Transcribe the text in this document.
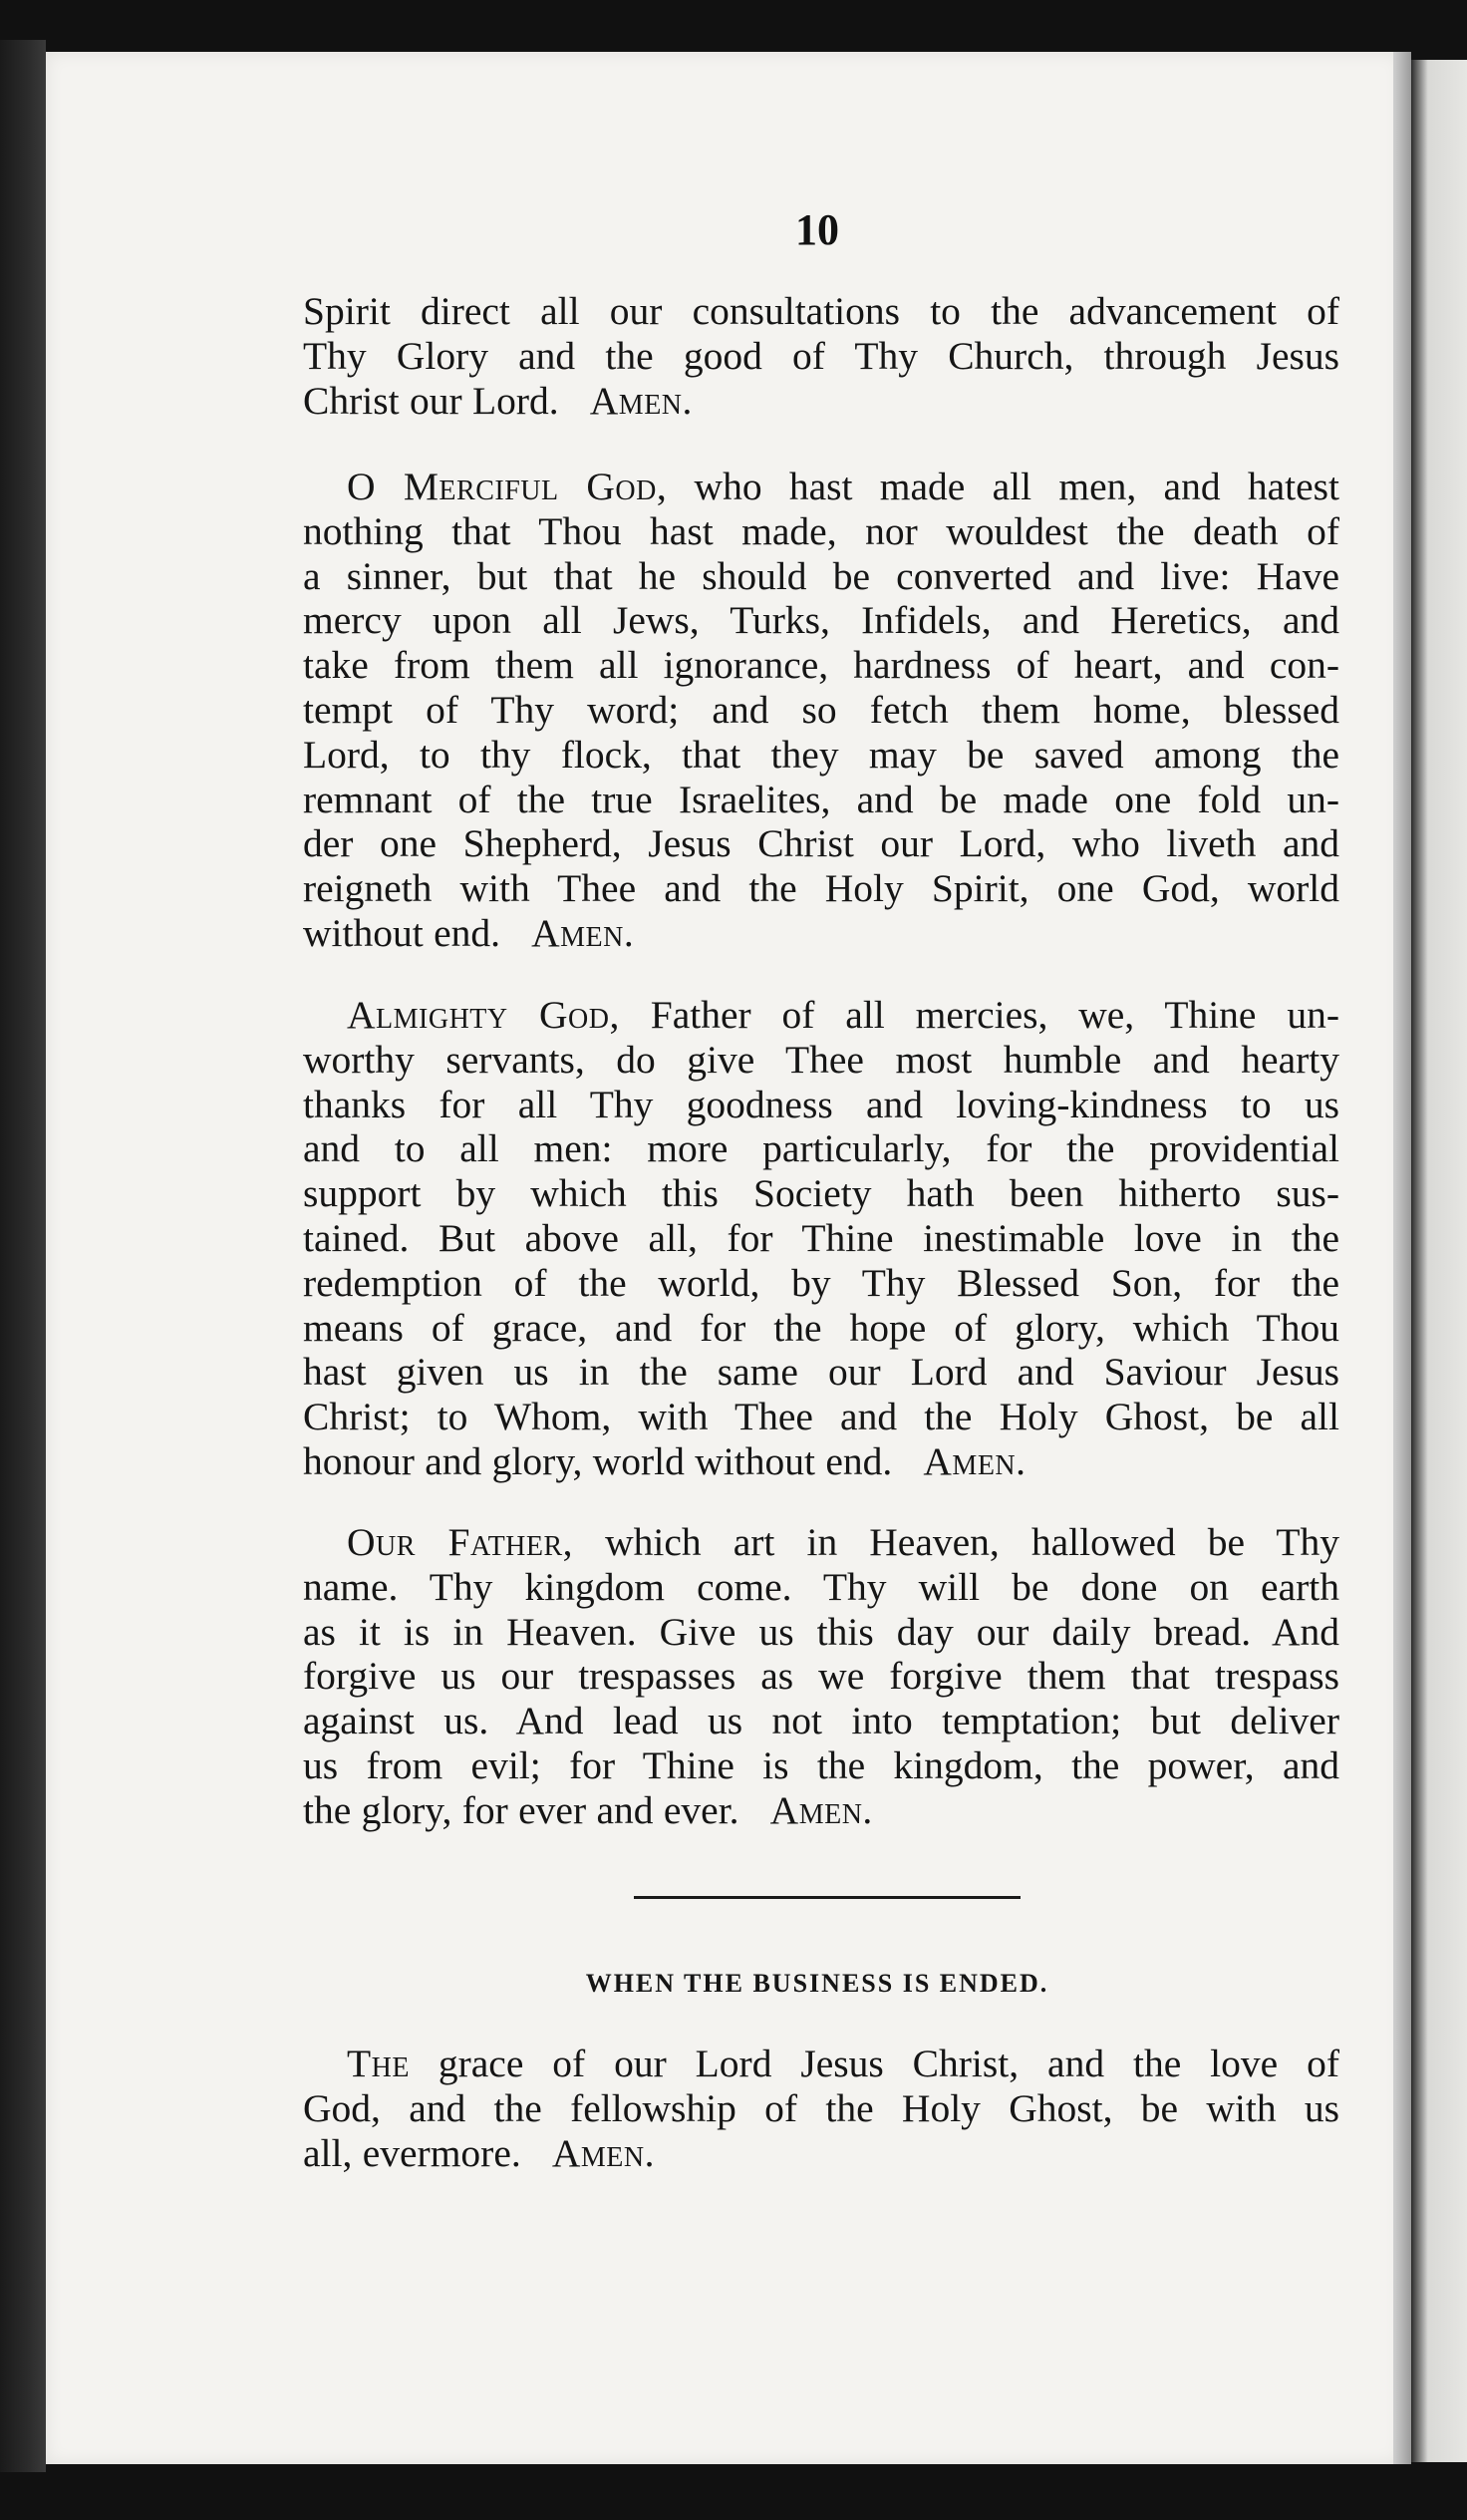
10
Spirit direct all our consultations to the advancement of
Thy Glory and the good of Thy Church, through Jesus
Christ our Lord. Amen.
O Merciful God, who hast made all men, and hatest
nothing that Thou hast made, nor wouldest the death of
a sinner, but that he should be converted and live: Have
mercy upon all Jews, Turks, Infidels, and Heretics, and
take from them all ignorance, hardness of heart, and con-
tempt of Thy word; and so fetch them home, blessed
Lord, to thy flock, that they may be saved among the
remnant of the true Israelites, and be made one fold un-
der one Shepherd, Jesus Christ our Lord, who liveth and
reigneth with Thee and the Holy Spirit, one God, world
without end. Amen.
Almighty God, Father of all mercies, we, Thine un-
worthy servants, do give Thee most humble and hearty
thanks for all Thy goodness and loving-kindness to us
and to all men: more particularly, for the providential
support by which this Society hath been hitherto sus-
tained. But above all, for Thine inestimable love in the
redemption of the world, by Thy Blessed Son, for the
means of grace, and for the hope of glory, which Thou
hast given us in the same our Lord and Saviour Jesus
Christ; to Whom, with Thee and the Holy Ghost, be all
honour and glory, world without end. Amen.
Our Father, which art in Heaven, hallowed be Thy
name. Thy kingdom come. Thy will be done on earth
as it is in Heaven. Give us this day our daily bread. And
forgive us our trespasses as we forgive them that trespass
against us. And lead us not into temptation; but deliver
us from evil; for Thine is the kingdom, the power, and
the glory, for ever and ever. Amen.
WHEN THE BUSINESS IS ENDED.
The grace of our Lord Jesus Christ, and the love of
God, and the fellowship of the Holy Ghost, be with us
all, evermore. Amen.
